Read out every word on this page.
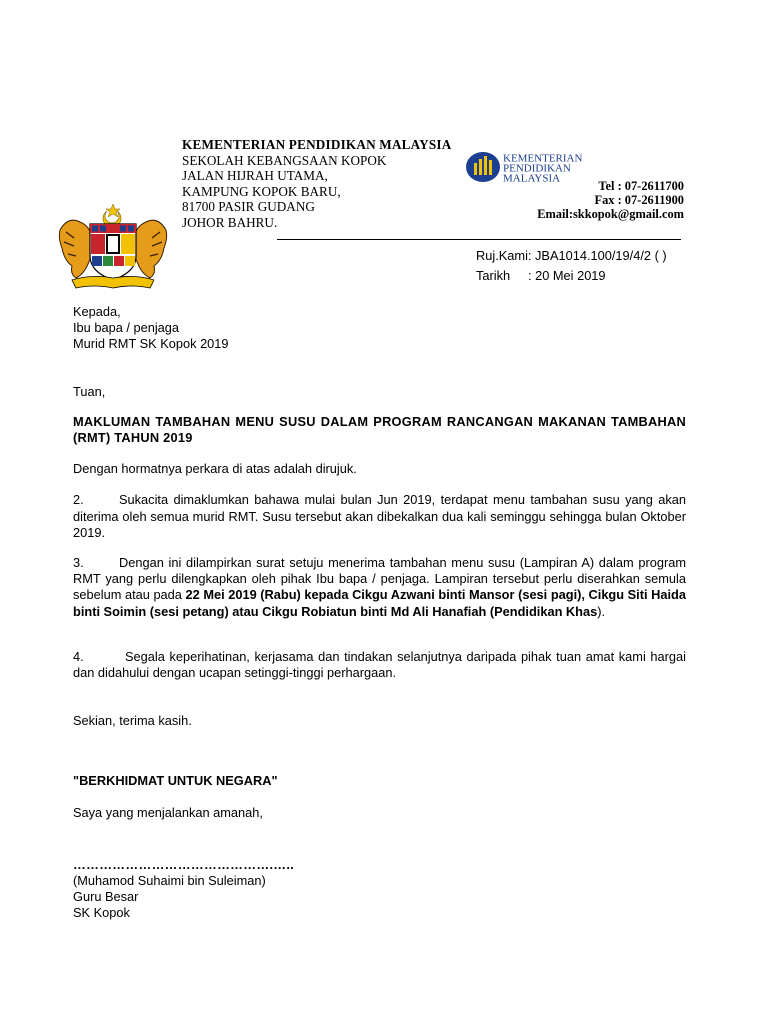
KEMENTERIAN PENDIDIKAN MALAYSIA
SEKOLAH KEBANGSAAN KOPOK
JALAN HIJRAH UTAMA,
KAMPUNG KOPOK BARU,
81700 PASIR GUDANG
JOHOR BAHRU.
KEMENTERIAN
PENDIDIKAN
MALAYSIA
Tel : 07-2611700
Fax : 07-2611900
Email:skkopok@gmail.com
Ruj.Kami:
JBA1014.100/19/4/2 ( )
Tarikh	: 20 Mei 2019
Kepada,
Ibu bapa / penjaga
Murid RMT SK Kopok 2019

Tuan,

MAKLUMAN TAMBAHAN MENU SUSU DALAM PROGRAM RANCANGAN MAKANAN TAMBAHAN (RMT) TAHUN 2019

Dengan hormatnya perkara di atas adalah dirujuk.

2.	Sukacita dimaklumkan bahawa mulai bulan Jun 2019, terdapat menu tambahan susu yang akan diterima oleh semua murid RMT. Susu tersebut akan dibekalkan dua kali seminggu sehingga bulan Oktober 2019.

3.	Dengan ini dilampirkan surat setuju menerima tambahan menu susu (Lampiran A) dalam program RMT yang perlu dilengkapkan oleh pihak Ibu bapa / penjaga. Lampiran tersebut perlu diserahkan semula sebelum atau pada 22 Mei 2019 (Rabu) kepada Cikgu Azwani binti Mansor (sesi pagi), Cikgu Siti Haida binti Soimin (sesi petang) atau Cikgu Robiatun binti Md Ali Hanafiah (Pendidikan Khas).

4.	Segala keperihatinan, kerjasama dan tindakan selanjutnya daripada pihak tuan amat kami hargai dan didahului dengan ucapan setinggi-tinggi perhargaan.

Sekian, terima kasih.

"BERKHIDMAT UNTUK NEGARA"

Saya yang menjalankan amanah,

……………………………………….…..
(Muhamod Suhaimi bin Suleiman)
Guru Besar
SK Kopok
